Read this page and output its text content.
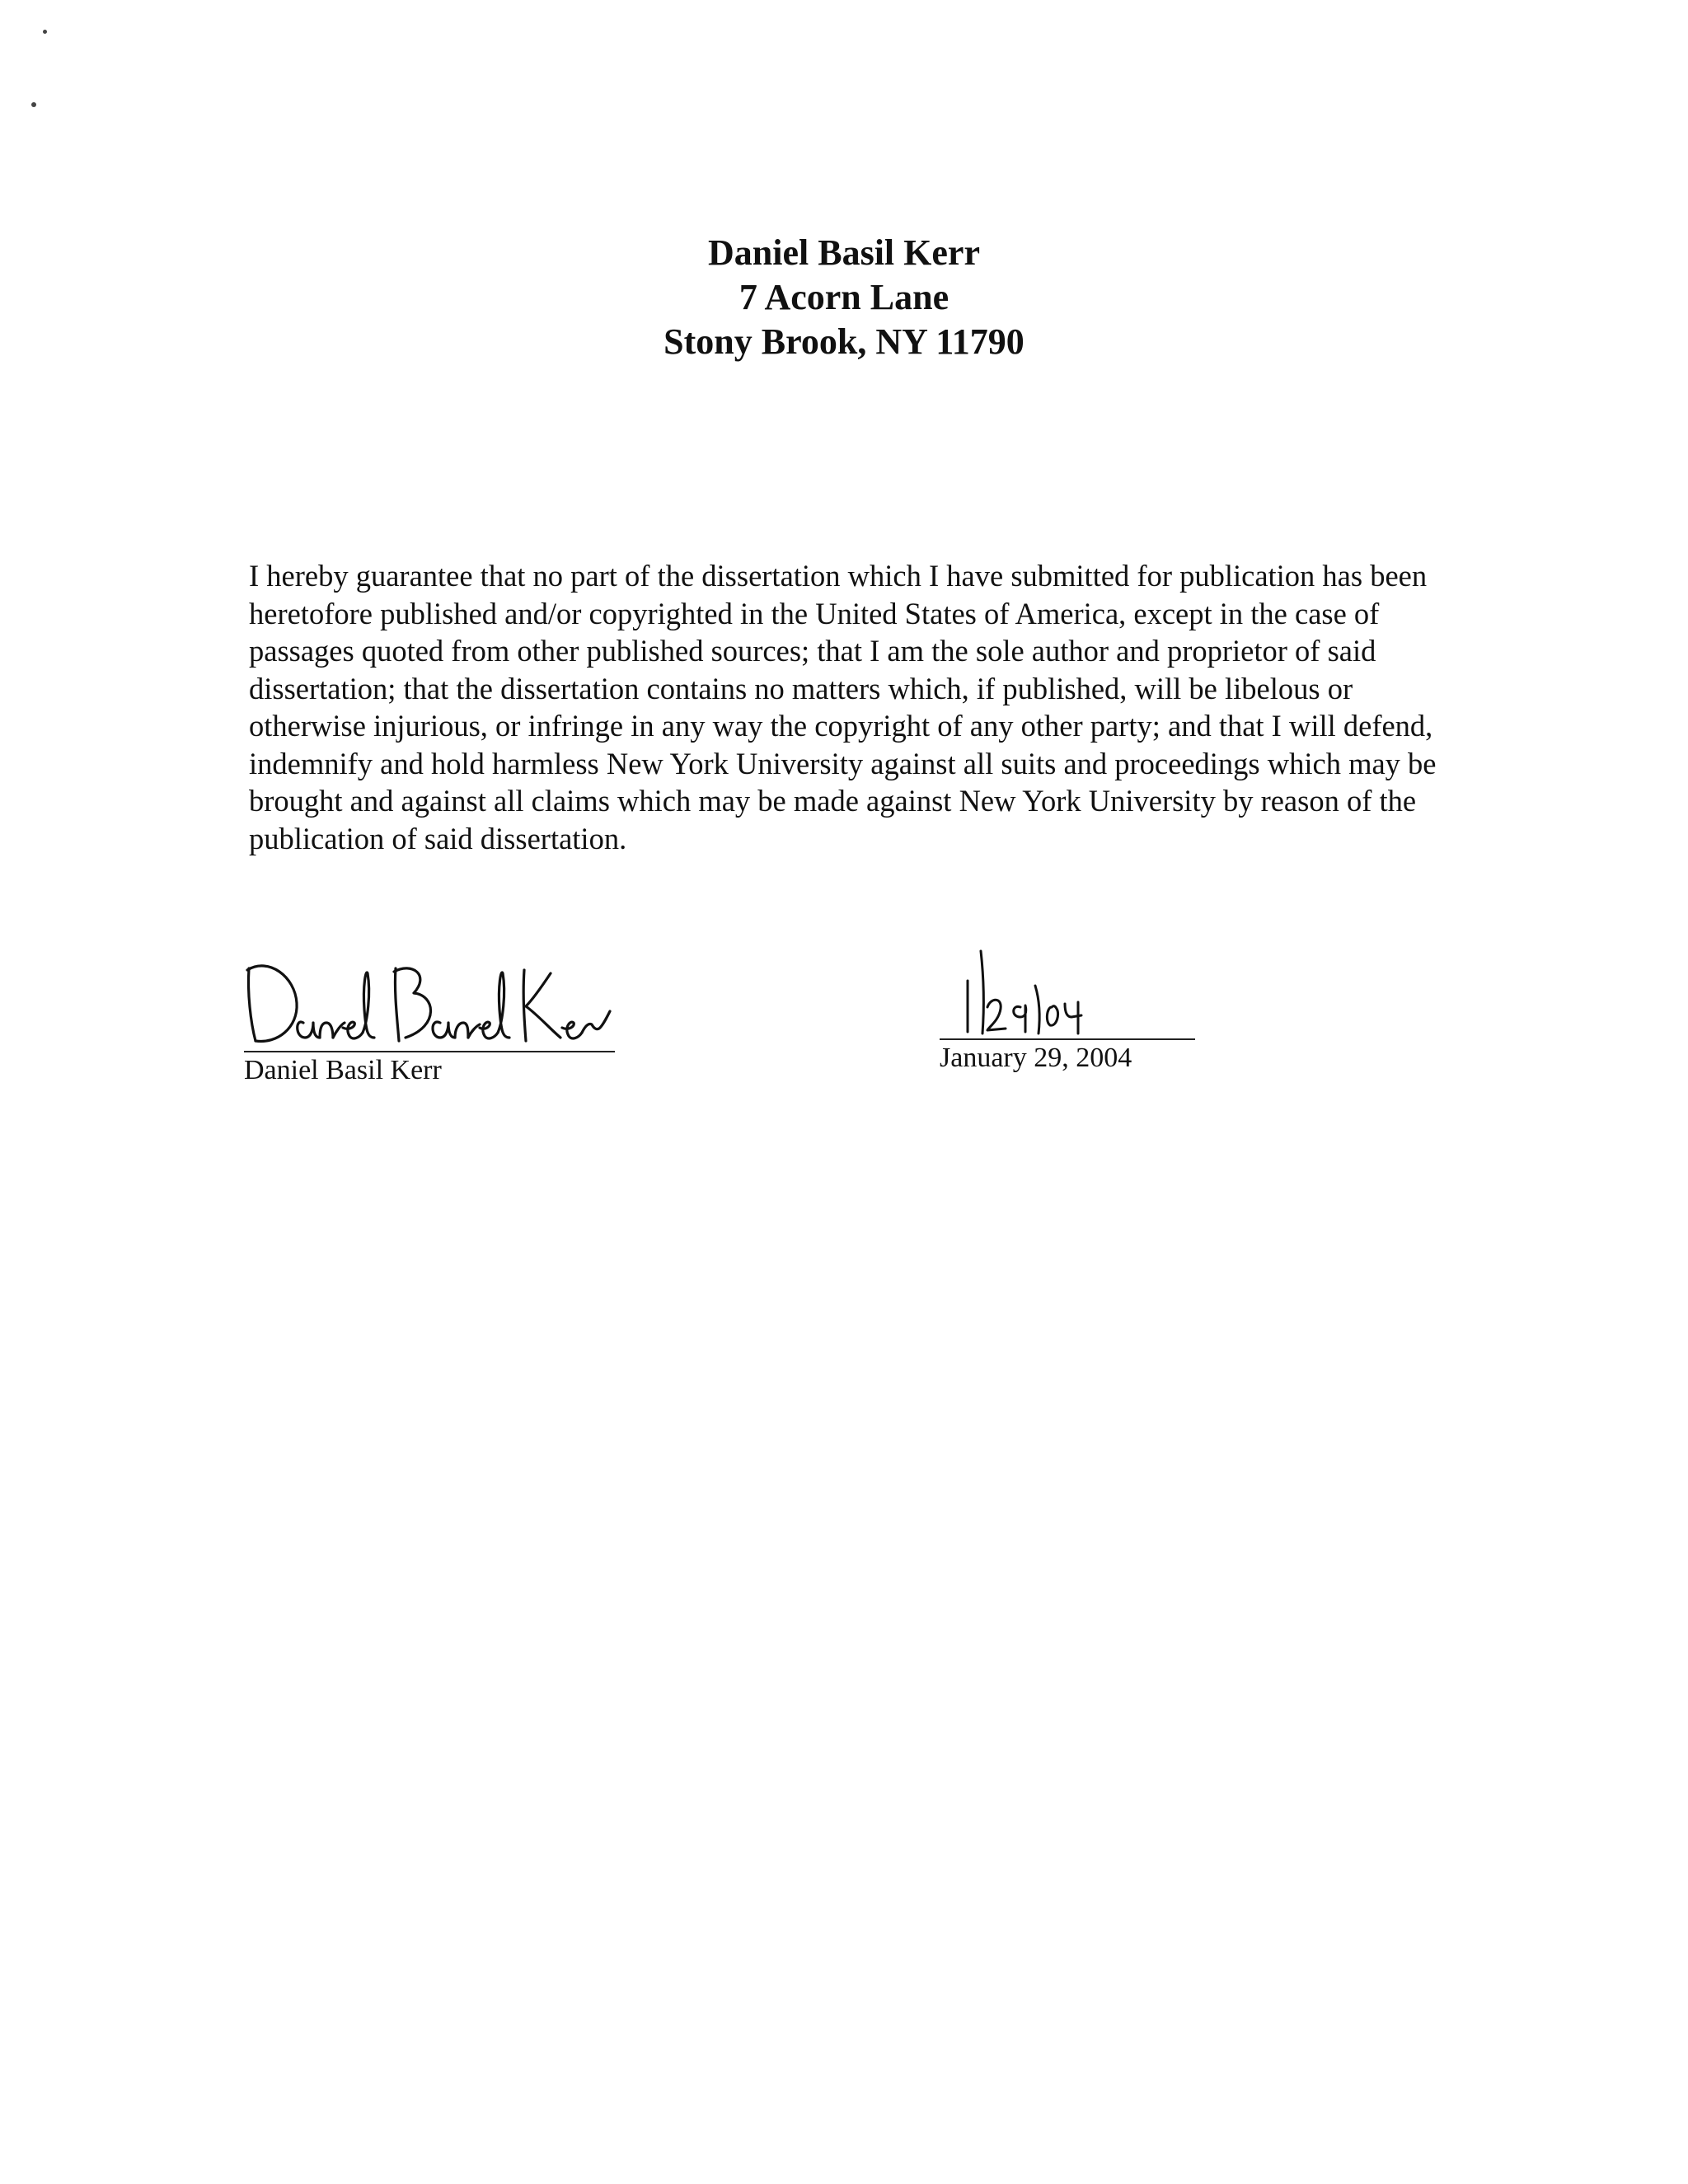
Daniel Basil Kerr
7 Acorn Lane
Stony Brook, NY 11790

I hereby guarantee that no part of the dissertation which I have submitted for publication has been heretofore published and/or copyrighted in the United States of America, except in the case of passages quoted from other published sources; that I am the sole author and proprietor of said dissertation; that the dissertation contains no matters which, if published, will be libelous or otherwise injurious, or infringe in any way the copyright of any other party; and that I will defend, indemnify and hold harmless New York University against all suits and proceedings which may be brought and against all claims which may be made against New York University by reason of the publication of said dissertation.

Daniel Basil Kerr	January 29, 2004
